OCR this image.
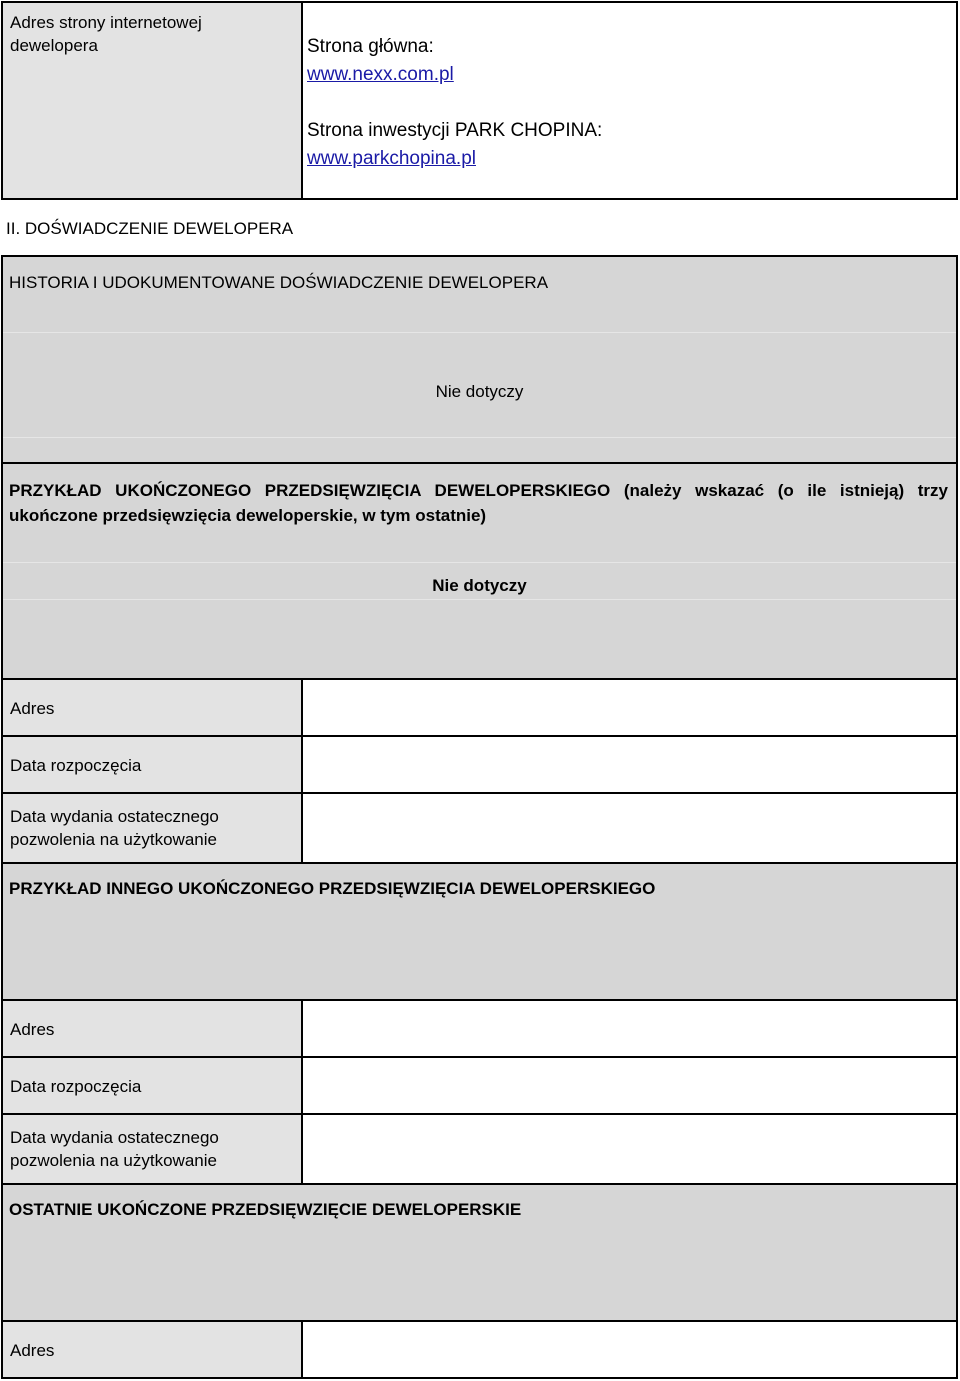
Adres strony internetowej dewelopera	Strona główna:
www.nexx.com.pl
Strona inwestycji PARK CHOPINA:
www.parkchopina.pl
II. DOŚWIADCZENIE DEWELOPERA
HISTORIA I UDOKUMENTOWANE DOŚWIADCZENIE DEWELOPERA
Nie dotyczy
PRZYKŁAD UKOŃCZONEGO PRZEDSIĘWZIĘCIA DEWELOPERSKIEGO (należy wskazać (o ile istnieją) trzy ukończone przedsięwzięcia deweloperskie, w tym ostatnie)
Nie dotyczy
Adres
Data rozpoczęcia
Data wydania ostatecznego pozwolenia na użytkowanie
PRZYKŁAD INNEGO UKOŃCZONEGO PRZEDSIĘWZIĘCIA DEWELOPERSKIEGO
Adres
Data rozpoczęcia
Data wydania ostatecznego pozwolenia na użytkowanie
OSTATNIE UKOŃCZONE PRZEDSIĘWZIĘCIE DEWELOPERSKIE
Adres
